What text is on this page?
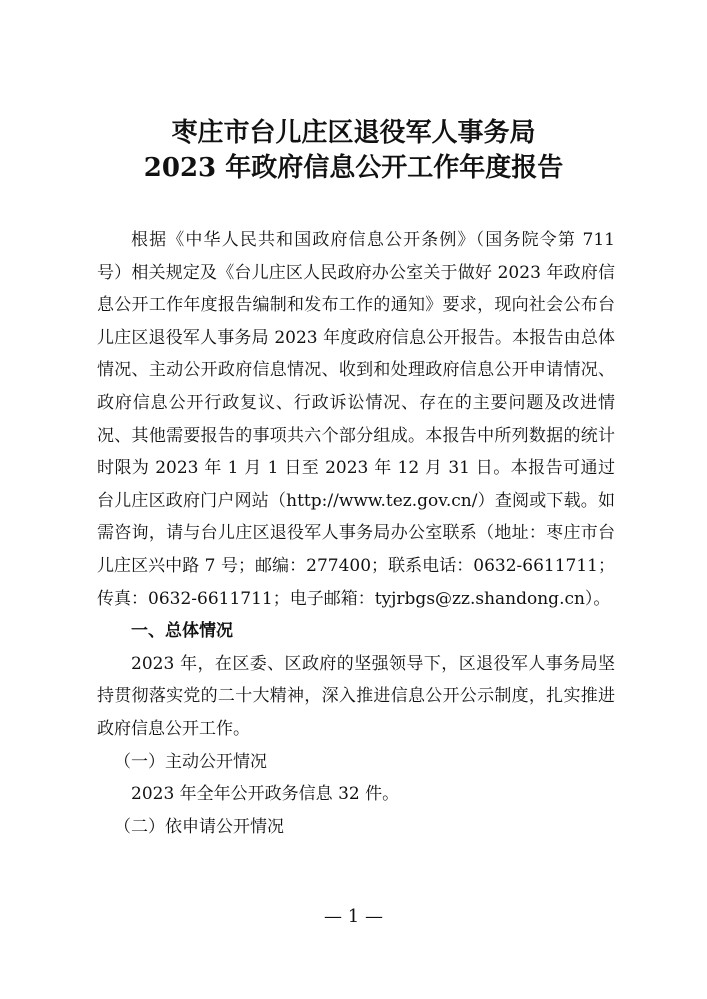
枣庄市台儿庄区退役军人事务局
2023 年政府信息公开工作年度报告

根据《中华人民共和国政府信息公开条例》（国务院令第 711 号）相关规定及《台儿庄区人民政府办公室关于做好 2023 年政府信息公开工作年度报告编制和发布工作的通知》要求，现向社会公布台儿庄区退役军人事务局 2023 年度政府信息公开报告。本报告由总体情况、主动公开政府信息情况、收到和处理政府信息公开申请情况、政府信息公开行政复议、行政诉讼情况、存在的主要问题及改进情况、其他需要报告的事项共六个部分组成。本报告中所列数据的统计时限为 2023 年 1 月 1 日至 2023 年 12 月 31 日。本报告可通过台儿庄区政府门户网站（http://www.tez.gov.cn/）查阅或下载。如需咨询，请与台儿庄区退役军人事务局办公室联系（地址：枣庄市台儿庄区兴中路 7 号；邮编：277400；联系电话：0632-6611711；传真：0632-6611711；电子邮箱：tyjrbgs@zz.shandong.cn）。

一、总体情况

2023 年，在区委、区政府的坚强领导下，区退役军人事务局坚持贯彻落实党的二十大精神，深入推进信息公开公示制度，扎实推进政府信息公开工作。

（一）主动公开情况

2023 年全年公开政务信息 32 件。

（二）依申请公开情况

— 1 —
